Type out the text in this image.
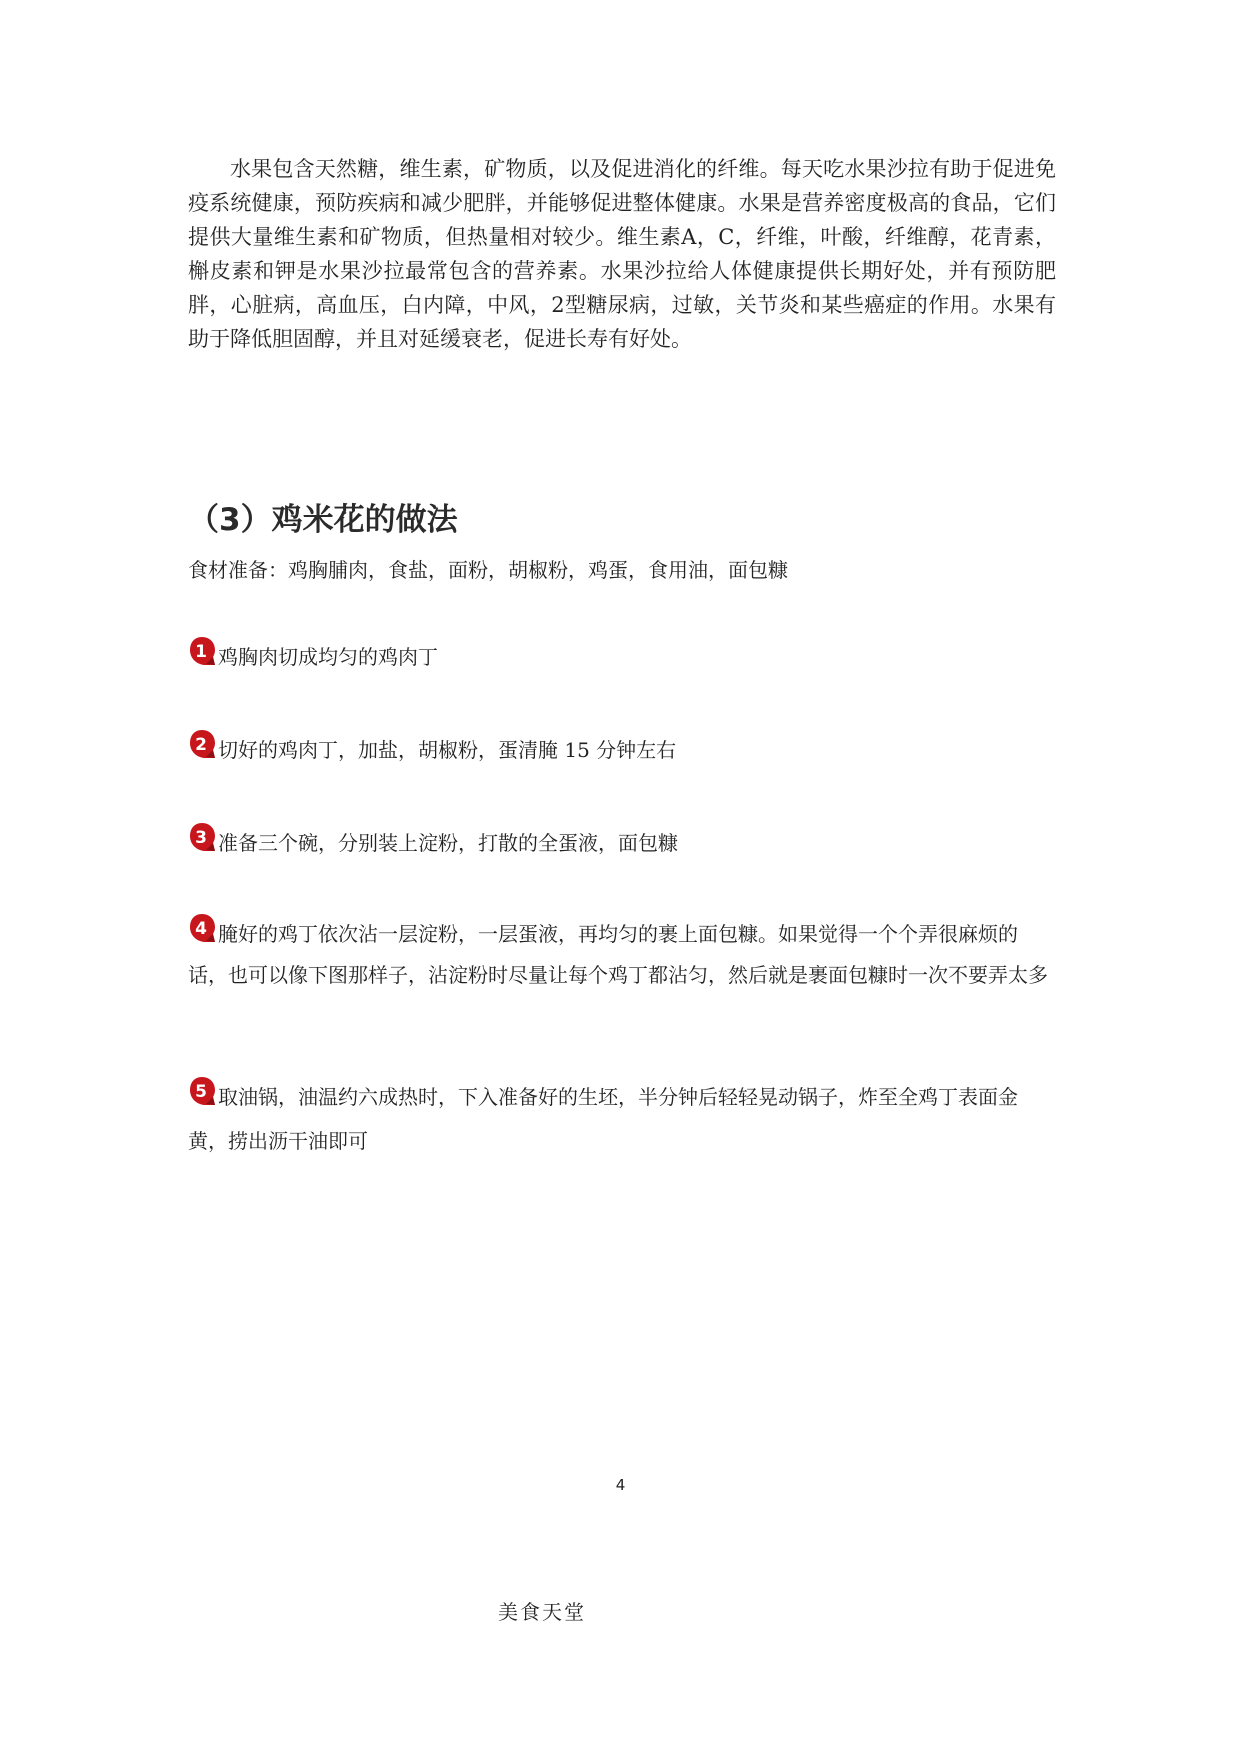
水果包含天然糖，维生素，矿物质，以及促进消化的纤维。每天吃水果沙拉有助于促进免疫系统健康，预防疾病和减少肥胖，并能够促进整体健康。水果是营养密度极高的食品，它们提供大量维生素和矿物质，但热量相对较少。维生素A，C，纤维，叶酸，纤维醇，花青素，槲皮素和钾是水果沙拉最常包含的营养素。水果沙拉给人体健康提供长期好处，并有预防肥胖，心脏病，高血压，白内障，中风，2型糖尿病，过敏，关节炎和某些癌症的作用。水果有助于降低胆固醇，并且对延缓衰老，促进长寿有好处。

（3）鸡米花的做法

食材准备：鸡胸脯肉，食盐，面粉，胡椒粉，鸡蛋，食用油，面包糠

1 鸡胸肉切成均匀的鸡肉丁

2 切好的鸡肉丁，加盐，胡椒粉，蛋清腌 15 分钟左右

3 准备三个碗，分别装上淀粉，打散的全蛋液，面包糠

4 腌好的鸡丁依次沾一层淀粉，一层蛋液，再均匀的裹上面包糠。如果觉得一个个弄很麻烦的话，也可以像下图那样子，沾淀粉时尽量让每个鸡丁都沾匀，然后就是裹面包糠时一次不要弄太多

5 取油锅，油温约六成热时，下入准备好的生坯，半分钟后轻轻晃动锅子，炸至全鸡丁表面金黄，捞出沥干油即可

4
美食天堂
